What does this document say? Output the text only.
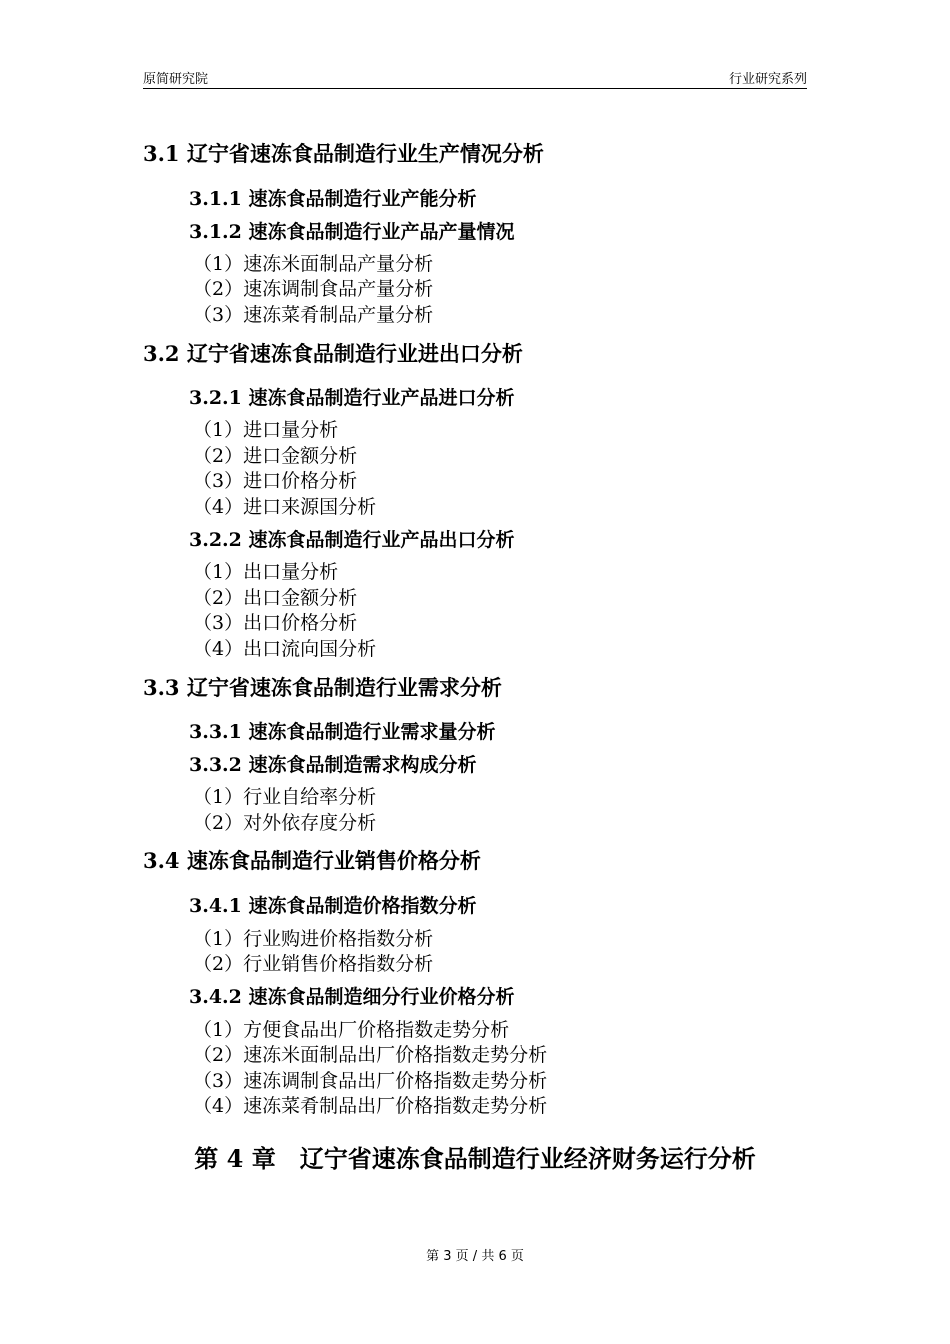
原简研究院	行业研究系列
3.1 辽宁省速冻食品制造行业生产情况分析
3.1.1 速冻食品制造行业产能分析
3.1.2 速冻食品制造行业产品产量情况
（1）速冻米面制品产量分析
（2）速冻调制食品产量分析
（3）速冻菜肴制品产量分析
3.2 辽宁省速冻食品制造行业进出口分析
3.2.1 速冻食品制造行业产品进口分析
（1）进口量分析
（2）进口金额分析
（3）进口价格分析
（4）进口来源国分析
3.2.2 速冻食品制造行业产品出口分析
（1）出口量分析
（2）出口金额分析
（3）出口价格分析
（4）出口流向国分析
3.3 辽宁省速冻食品制造行业需求分析
3.3.1 速冻食品制造行业需求量分析
3.3.2 速冻食品制造需求构成分析
（1）行业自给率分析
（2）对外依存度分析
3.4 速冻食品制造行业销售价格分析
3.4.1 速冻食品制造价格指数分析
（1）行业购进价格指数分析
（2）行业销售价格指数分析
3.4.2 速冻食品制造细分行业价格分析
（1）方便食品出厂价格指数走势分析
（2）速冻米面制品出厂价格指数走势分析
（3）速冻调制食品出厂价格指数走势分析
（4）速冻菜肴制品出厂价格指数走势分析
第 4 章　辽宁省速冻食品制造行业经济财务运行分析
第 3 页 / 共 6 页
